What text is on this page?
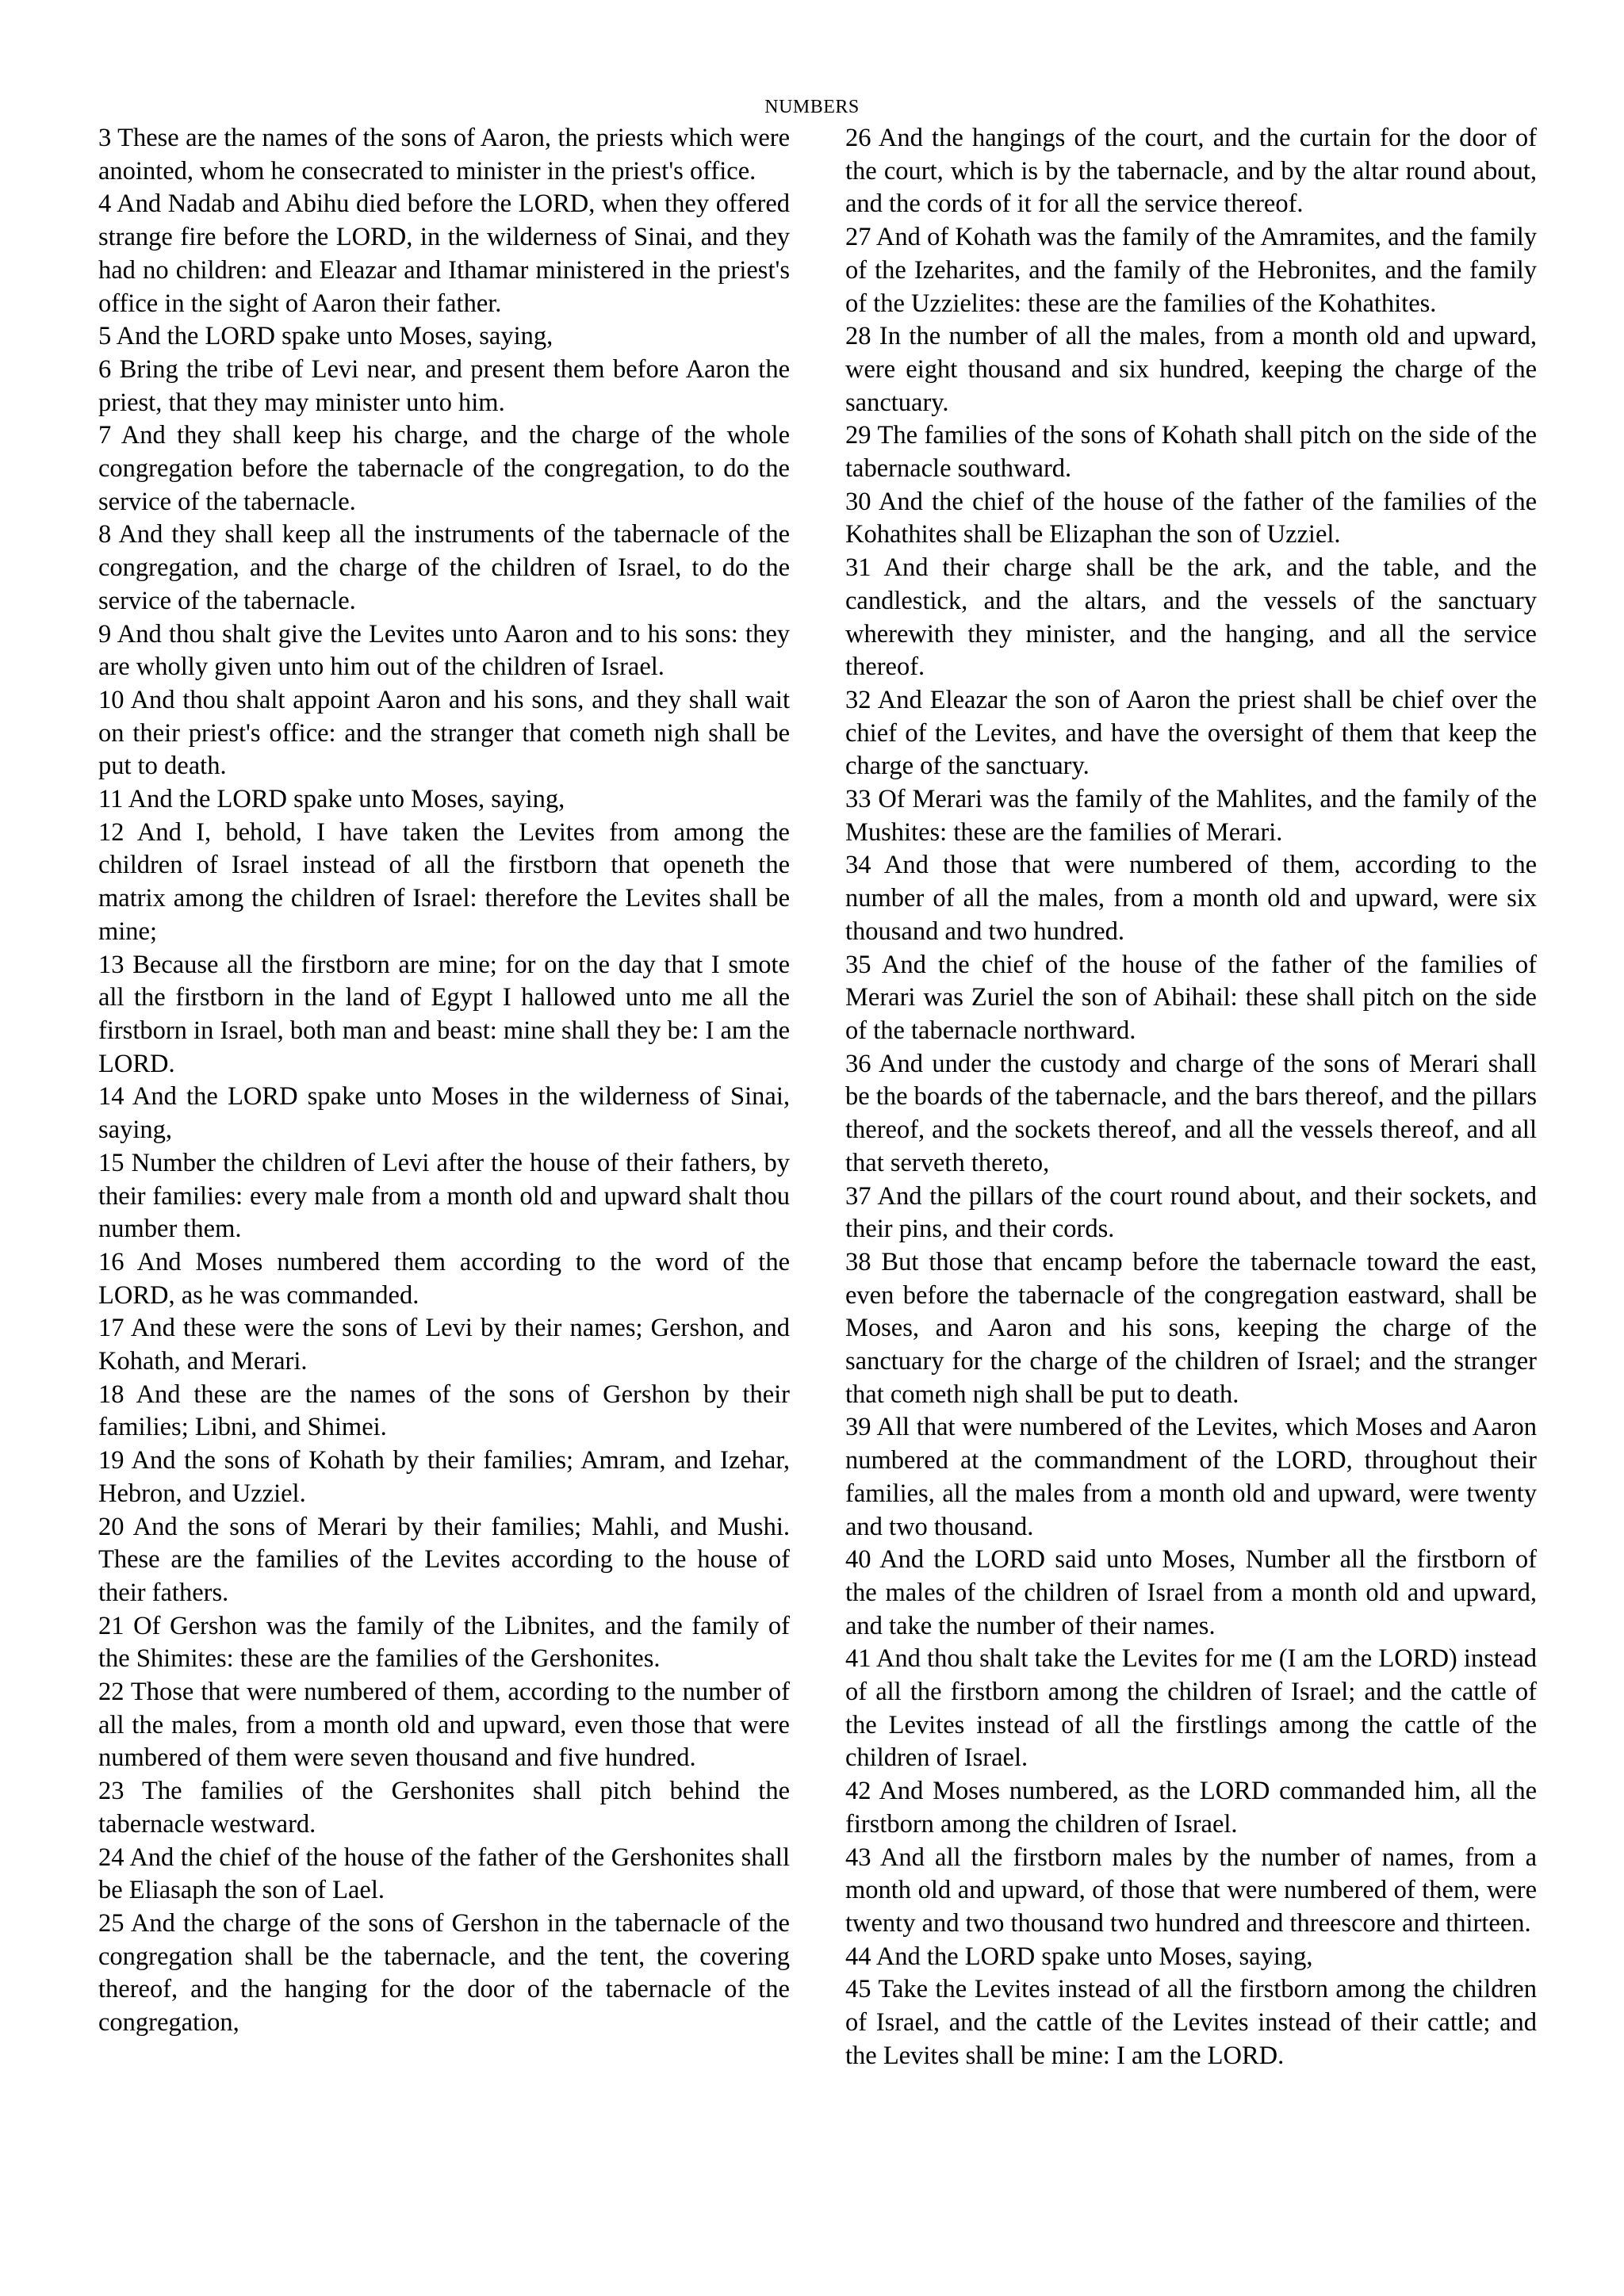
NUMBERS

3 These are the names of the sons of Aaron, the priests which were anointed, whom he consecrated to minister in the priest's office.

4 And Nadab and Abihu died before the LORD, when they offered strange fire before the LORD, in the wilderness of Sinai, and they had no children: and Eleazar and Ithamar ministered in the priest's office in the sight of Aaron their father.

5 And the LORD spake unto Moses, saying,

6 Bring the tribe of Levi near, and present them before Aaron the priest, that they may minister unto him.

7 And they shall keep his charge, and the charge of the whole congregation before the tabernacle of the congregation, to do the service of the tabernacle.

8 And they shall keep all the instruments of the tabernacle of the congregation, and the charge of the children of Israel, to do the service of the tabernacle.

9 And thou shalt give the Levites unto Aaron and to his sons: they are wholly given unto him out of the children of Israel.

10 And thou shalt appoint Aaron and his sons, and they shall wait on their priest's office: and the stranger that cometh nigh shall be put to death.

11 And the LORD spake unto Moses, saying,

12 And I, behold, I have taken the Levites from among the children of Israel instead of all the firstborn that openeth the matrix among the children of Israel: therefore the Levites shall be mine;

13 Because all the firstborn are mine; for on the day that I smote all the firstborn in the land of Egypt I hallowed unto me all the firstborn in Israel, both man and beast: mine shall they be: I am the LORD.

14 And the LORD spake unto Moses in the wilderness of Sinai, saying,

15 Number the children of Levi after the house of their fathers, by their families: every male from a month old and upward shalt thou number them.

16 And Moses numbered them according to the word of the LORD, as he was commanded.

17 And these were the sons of Levi by their names; Gershon, and Kohath, and Merari.

18 And these are the names of the sons of Gershon by their families; Libni, and Shimei.

19 And the sons of Kohath by their families; Amram, and Izehar, Hebron, and Uzziel.

20 And the sons of Merari by their families; Mahli, and Mushi. These are the families of the Levites according to the house of their fathers.

21 Of Gershon was the family of the Libnites, and the family of the Shimites: these are the families of the Gershonites.

22 Those that were numbered of them, according to the number of all the males, from a month old and upward, even those that were numbered of them were seven thousand and five hundred.

23 The families of the Gershonites shall pitch behind the tabernacle westward.

24 And the chief of the house of the father of the Gershonites shall be Eliasaph the son of Lael.

25 And the charge of the sons of Gershon in the tabernacle of the congregation shall be the tabernacle, and the tent, the covering thereof, and the hanging for the door of the tabernacle of the congregation,

26 And the hangings of the court, and the curtain for the door of the court, which is by the tabernacle, and by the altar round about, and the cords of it for all the service thereof.

27 And of Kohath was the family of the Amramites, and the family of the Izeharites, and the family of the Hebronites, and the family of the Uzzielites: these are the families of the Kohathites.

28 In the number of all the males, from a month old and upward, were eight thousand and six hundred, keeping the charge of the sanctuary.

29 The families of the sons of Kohath shall pitch on the side of the tabernacle southward.

30 And the chief of the house of the father of the families of the Kohathites shall be Elizaphan the son of Uzziel.

31 And their charge shall be the ark, and the table, and the candlestick, and the altars, and the vessels of the sanctuary wherewith they minister, and the hanging, and all the service thereof.

32 And Eleazar the son of Aaron the priest shall be chief over the chief of the Levites, and have the oversight of them that keep the charge of the sanctuary.

33 Of Merari was the family of the Mahlites, and the family of the Mushites: these are the families of Merari.

34 And those that were numbered of them, according to the number of all the males, from a month old and upward, were six thousand and two hundred.

35 And the chief of the house of the father of the families of Merari was Zuriel the son of Abihail: these shall pitch on the side of the tabernacle northward.

36 And under the custody and charge of the sons of Merari shall be the boards of the tabernacle, and the bars thereof, and the pillars thereof, and the sockets thereof, and all the vessels thereof, and all that serveth thereto,

37 And the pillars of the court round about, and their sockets, and their pins, and their cords.

38 But those that encamp before the tabernacle toward the east, even before the tabernacle of the congregation eastward, shall be Moses, and Aaron and his sons, keeping the charge of the sanctuary for the charge of the children of Israel; and the stranger that cometh nigh shall be put to death.

39 All that were numbered of the Levites, which Moses and Aaron numbered at the commandment of the LORD, throughout their families, all the males from a month old and upward, were twenty and two thousand.

40 And the LORD said unto Moses, Number all the firstborn of the males of the children of Israel from a month old and upward, and take the number of their names.

41 And thou shalt take the Levites for me (I am the LORD) instead of all the firstborn among the children of Israel; and the cattle of the Levites instead of all the firstlings among the cattle of the children of Israel.

42 And Moses numbered, as the LORD commanded him, all the firstborn among the children of Israel.

43 And all the firstborn males by the number of names, from a month old and upward, of those that were numbered of them, were twenty and two thousand two hundred and threescore and thirteen.

44 And the LORD spake unto Moses, saying,

45 Take the Levites instead of all the firstborn among the children of Israel, and the cattle of the Levites instead of their cattle; and the Levites shall be mine: I am the LORD.
